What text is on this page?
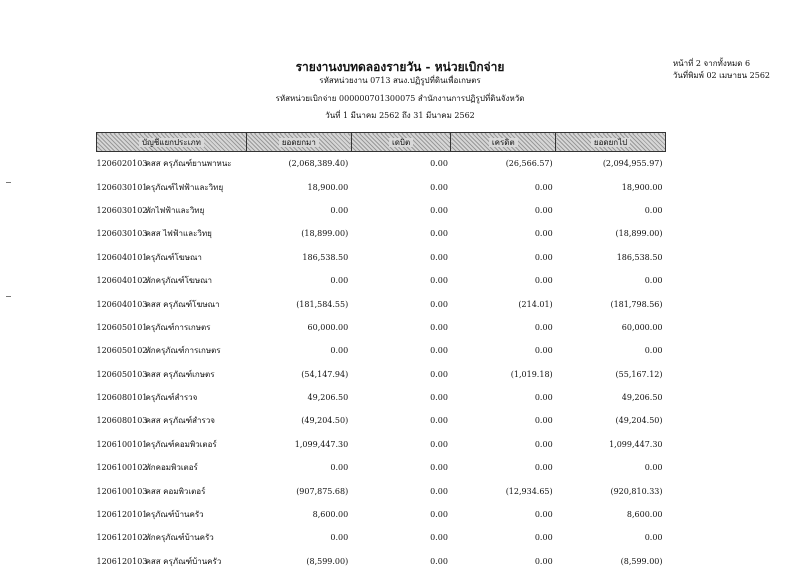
รายงานงบทดลองรายวัน - หน่วยเบิกจ่าย
รหัสหน่วยงาน 0713 สนง.ปฏิรูปที่ดินเพื่อเกษตร
รหัสหน่วยเบิกจ่าย 000000701300075 สำนักงานการปฏิรูปที่ดินจังหวัด
วันที่ 1 มีนาคม 2562 ถึง 31 มีนาคม 2562
หน้าที่ 2 จากทั้งหมด 6
วันที่พิมพ์ 02 เมษายน 2562
บัญชีแยกประเภท	ยอดยกมา	เดบิต	เครดิต	ยอดยกไป
1206020103คสส ครุภัณฑ์ยานพาหนะ	(2,068,389.40)	0.00	(26,566.57)	(2,094,955.97)
1206030101ครุภัณฑ์ไฟฟ้าและวิทยุ	18,900.00	0.00	0.00	18,900.00
1206030102พักไฟฟ้าและวิทยุ	0.00	0.00	0.00	0.00
1206030103คสส ไฟฟ้าและวิทยุ	(18,899.00)	0.00	0.00	(18,899.00)
1206040101ครุภัณฑ์โฆษณา	186,538.50	0.00	0.00	186,538.50
1206040102พักครุภัณฑ์โฆษณา	0.00	0.00	0.00	0.00
1206040103คสส ครุภัณฑ์โฆษณา	(181,584.55)	0.00	(214.01)	(181,798.56)
1206050101ครุภัณฑ์การเกษตร	60,000.00	0.00	0.00	60,000.00
1206050102พักครุภัณฑ์การเกษตร	0.00	0.00	0.00	0.00
1206050103คสส ครุภัณฑ์เกษตร	(54,147.94)	0.00	(1,019.18)	(55,167.12)
1206080101ครุภัณฑ์สำรวจ	49,206.50	0.00	0.00	49,206.50
1206080103คสส ครุภัณฑ์สำรวจ	(49,204.50)	0.00	0.00	(49,204.50)
1206100101ครุภัณฑ์คอมพิวเตอร์	1,099,447.30	0.00	0.00	1,099,447.30
1206100102พักคอมพิวเตอร์	0.00	0.00	0.00	0.00
1206100103คสส คอมพิวเตอร์	(907,875.68)	0.00	(12,934.65)	(920,810.33)
1206120101ครุภัณฑ์บ้านครัว	8,600.00	0.00	0.00	8,600.00
1206120102พักครุภัณฑ์บ้านครัว	0.00	0.00	0.00	0.00
1206120103คสส ครุภัณฑ์บ้านครัว	(8,599.00)	0.00	0.00	(8,599.00)
